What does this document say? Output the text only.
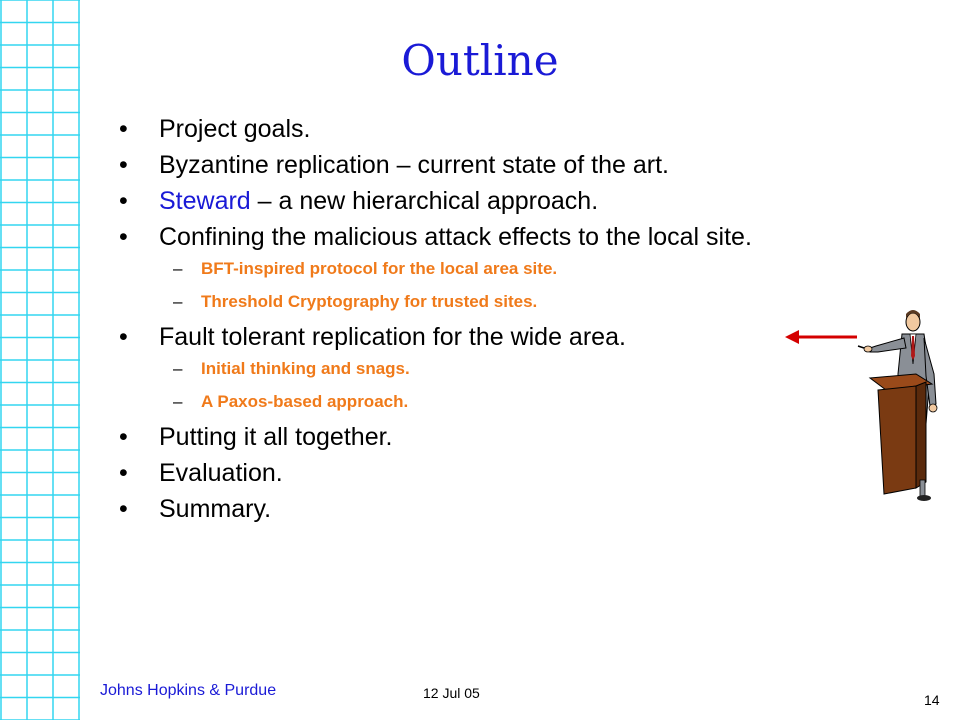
Outline
• Project goals.
• Byzantine replication – current state of the art.
• Steward – a new hierarchical approach.
• Confining the malicious attack effects to the local site.
– BFT-inspired protocol for the local area site.
– Threshold Cryptography for trusted sites.
• Fault tolerant replication for the wide area.
– Initial thinking and snags.
– A Paxos-based approach.
• Putting it all together.
• Evaluation.
• Summary.
Johns Hopkins & Purdue	12 Jul 05	14
